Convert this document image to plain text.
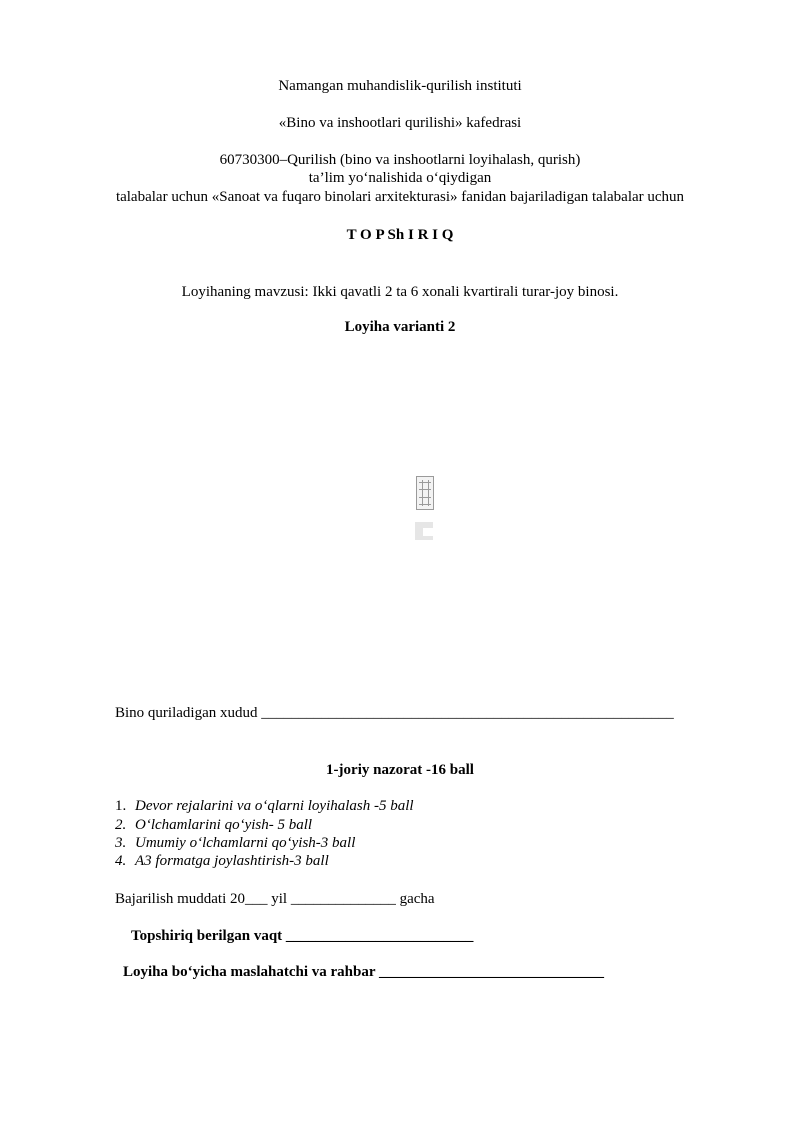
Namangan muhandislik-qurilish instituti
«Bino va inshootlari qurilishi» kafedrasi
60730300–Qurilish (bino va inshootlarni loyihalash, qurish)
ta’lim yo‘nalishida o‘qiydigan
talabalar uchun «Sanoat va fuqaro binolari arxitekturasi» fanidan bajariladigan talabalar uchun
T O P Sh I R I Q
Loyihaning mavzusi: Ikki qavatli 2 ta 6 xonali kvartirali turar-joy binosi.
Loyiha varianti 2
Bino quriladigan xudud _______________________________________________________
1-joriy nazorat -16 ball
1. Devor rejalarini va o‘qlarni loyihalash -5 ball
2. O‘lchamlarini qo‘yish- 5 ball
3. Umumiy o‘lchamlarni qo‘yish-3 ball
4. A3 formatga joylashtirish-3 ball
Bajarilish muddati 20___ yil ______________ gacha
Topshiriq berilgan vaqt _________________________
Loyiha bo‘yicha maslahatchi va rahbar ______________________________
